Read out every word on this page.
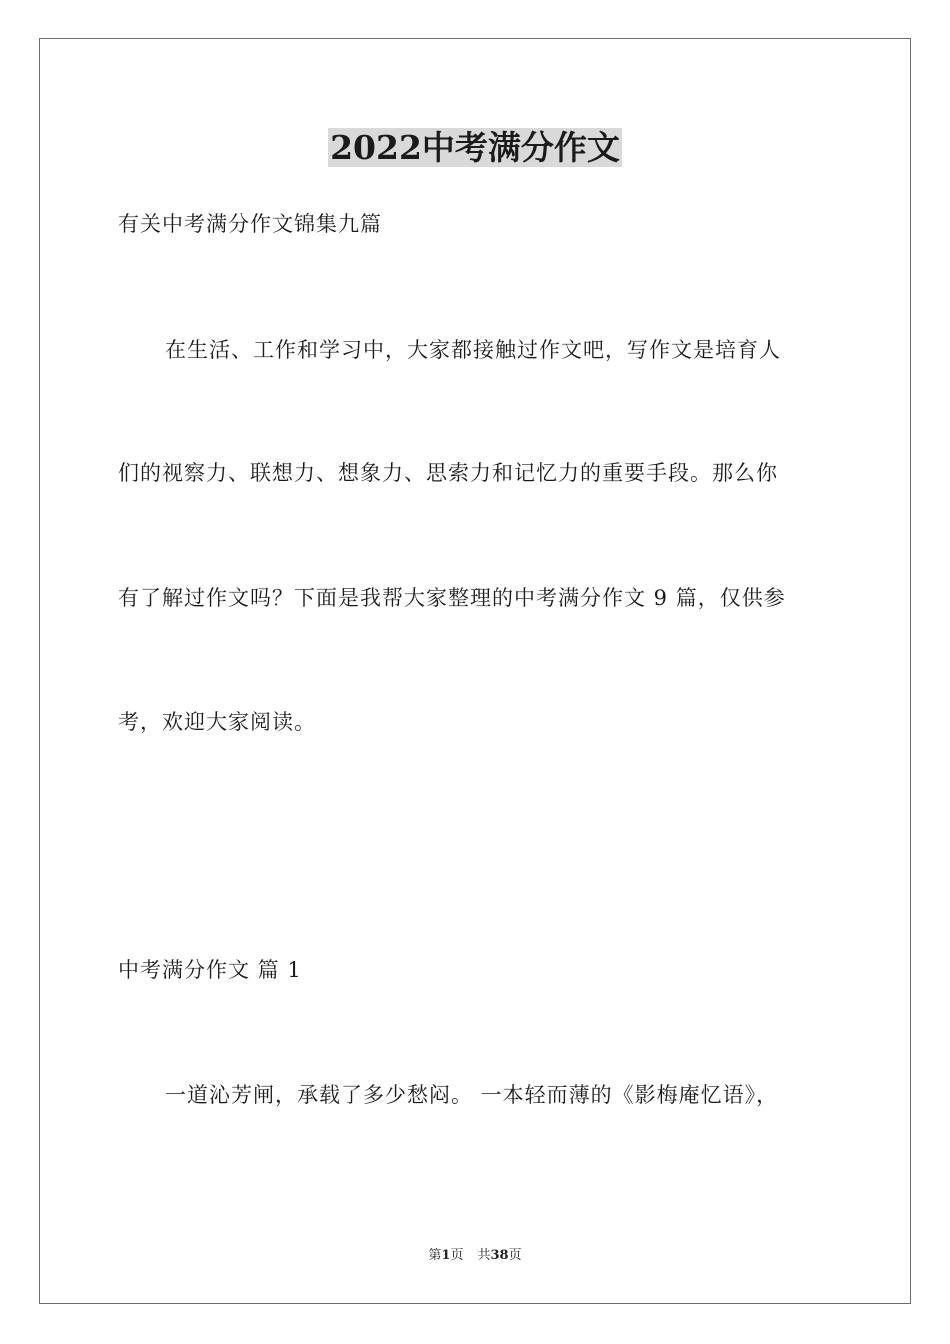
2022中考满分作文
有关中考满分作文锦集九篇
在生活、工作和学习中，大家都接触过作文吧，写作文是培育人
们的视察力、联想力、想象力、思索力和记忆力的重要手段。那么你
有了解过作文吗？下面是我帮大家整理的中考满分作文 9 篇，仅供参
考，欢迎大家阅读。
中考满分作文 篇 1
一道沁芳闸，承载了多少愁闷。 一本轻而薄的《影梅庵忆语》，
第1页 共38页
